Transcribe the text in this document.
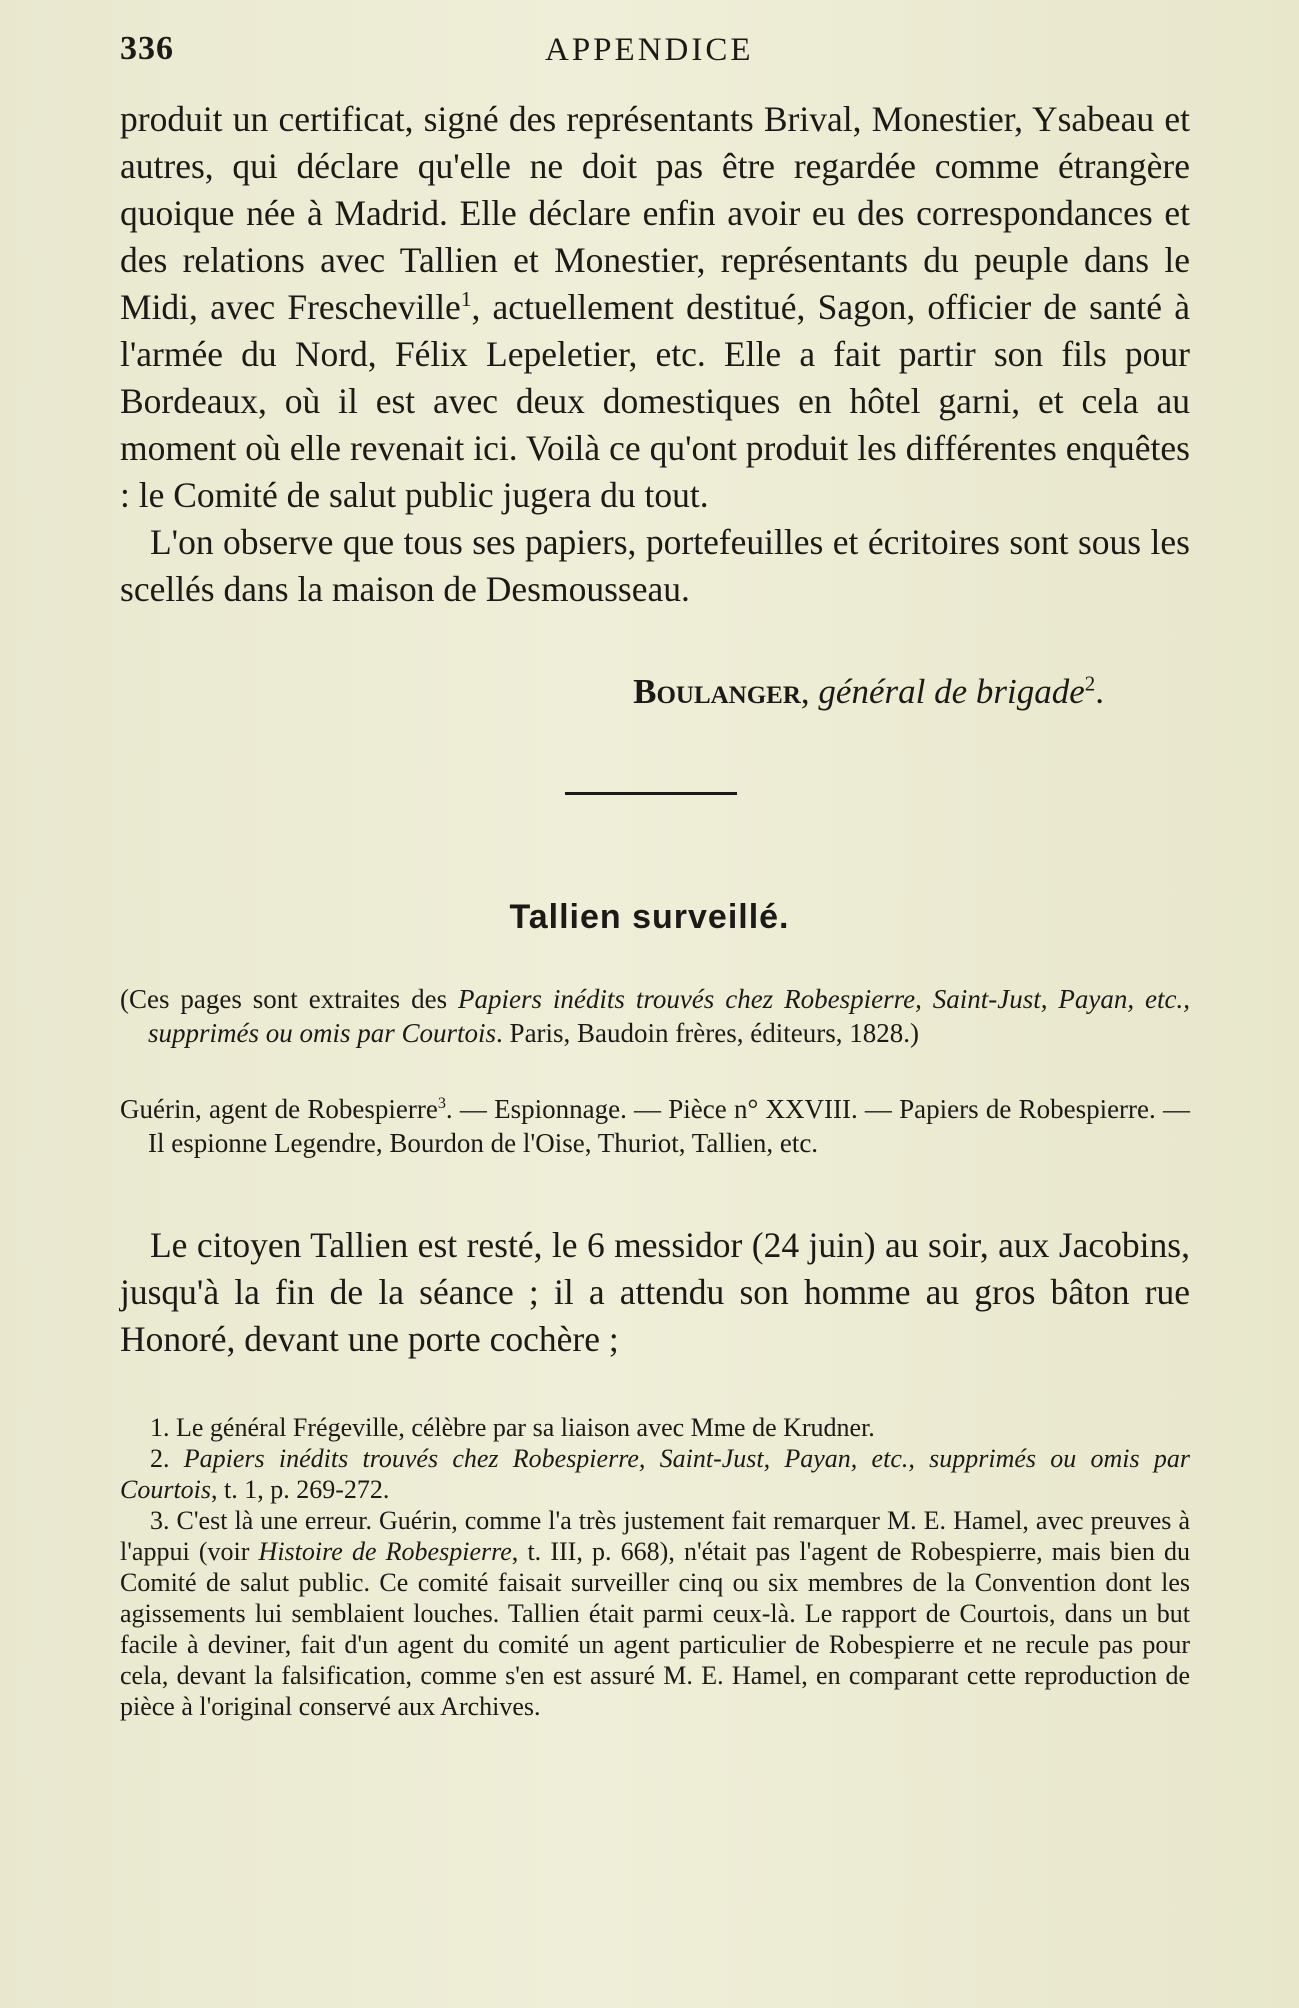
336	APPENDICE

produit un certificat, signé des représentants Brival, Monestier, Ysabeau et autres, qui déclare qu'elle ne doit pas être regardée comme étrangère quoique née à Madrid. Elle déclare enfin avoir eu des correspondances et des relations avec Tallien et Monestier, représentants du peuple dans le Midi, avec Frescheville$^1$, actuellement destitué, Sagon, officier de santé à l'armée du Nord, Félix Lepeletier, etc. Elle a fait partir son fils pour Bordeaux, où il est avec deux domestiques en hôtel garni, et cela au moment où elle revenait ici. Voilà ce qu'ont produit les différentes enquêtes : le Comité de salut public jugera du tout.

L'on observe que tous ses papiers, portefeuilles et écritoires sont sous les scellés dans la maison de Desmousseau.

Boulanger, général de brigade$^2$.
Tallien surveillé.

(Ces pages sont extraites des Papiers inédits trouvés chez Robespierre, Saint-Just, Payan, etc., supprimés ou omis par Courtois. Paris, Baudoin frères, éditeurs, 1828.)

Guérin, agent de Robespierre$^3$. — Espionnage. — Pièce n° XXVIII. — Papiers de Robespierre. — Il espionne Legendre, Bourdon de l'Oise, Thuriot, Tallien, etc.

Le citoyen Tallien est resté, le 6 messidor (24 juin) au soir, aux Jacobins, jusqu'à la fin de la séance ; il a attendu son homme au gros bâton rue Honoré, devant une porte cochère ;

1. Le général Frégeville, célèbre par sa liaison avec Mme de Krudner.

2. Papiers inédits trouvés chez Robespierre, Saint-Just, Payan, etc., supprimés ou omis par Courtois, t. 1, p. 269-272.

3. C'est là une erreur. Guérin, comme l'a très justement fait remarquer M. E. Hamel, avec preuves à l'appui (voir Histoire de Robespierre, t. III, p. 668), n'était pas l'agent de Robespierre, mais bien du Comité de salut public. Ce comité faisait surveiller cinq ou six membres de la Convention dont les agissements lui semblaient louches. Tallien était parmi ceux-là. Le rapport de Courtois, dans un but facile à deviner, fait d'un agent du comité un agent particulier de Robespierre et ne recule pas pour cela, devant la falsification, comme s'en est assuré M. E. Hamel, en comparant cette reproduction de pièce à l'original conservé aux Archives.
